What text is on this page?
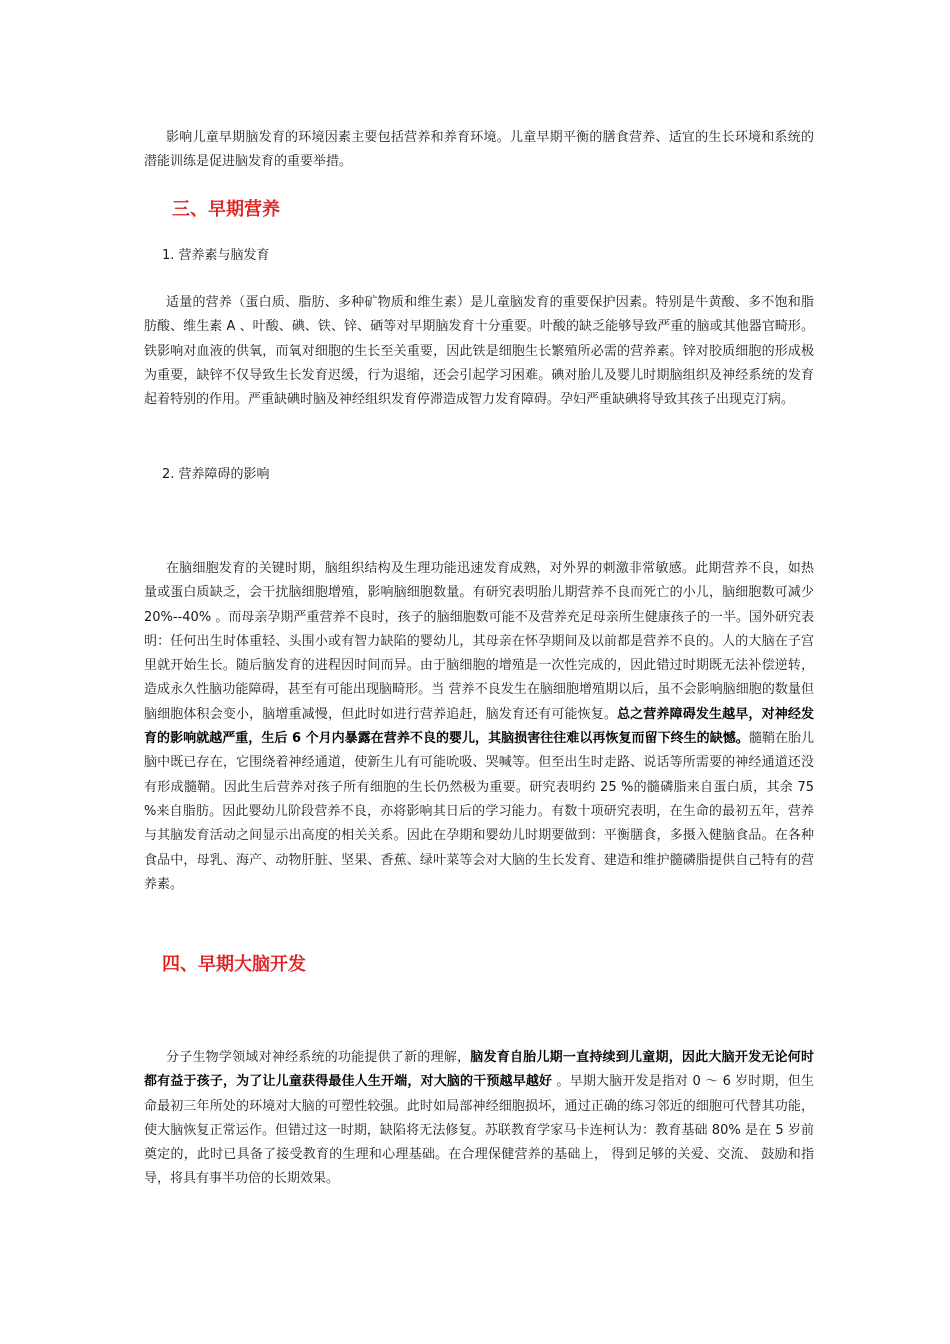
影响儿童早期脑发育的环境因素主要包括营养和养育环境。儿童早期平衡的膳食营养、适宜的生长环境和系统的潜能训练是促进脑发育的重要举措。

三、早期营养

1. 营养素与脑发育

适量的营养（蛋白质、脂肪、多种矿物质和维生素）是儿童脑发育的重要保护因素。特别是牛黄酸、多不饱和脂肪酸、维生素 A 、叶酸、碘、铁、锌、硒等对早期脑发育十分重要。叶酸的缺乏能够导致严重的脑或其他器官畸形。铁影响对血液的供氧，而氧对细胞的生长至关重要，因此铁是细胞生长繁殖所必需的营养素。锌对胶质细胞的形成极为重要，缺锌不仅导致生长发育迟缓，行为退缩，还会引起学习困难。碘对胎儿及婴儿时期脑组织及神经系统的发育起着特别的作用。严重缺碘时脑及神经组织发育停滞造成智力发育障碍。孕妇严重缺碘将导致其孩子出现克汀病。

2. 营养障碍的影响

在脑细胞发育的关键时期，脑组织结构及生理功能迅速发育成熟，对外界的刺激非常敏感。此期营养不良，如热量或蛋白质缺乏，会干扰脑细胞增殖，影响脑细胞数量。有研究表明胎儿期营养不良而死亡的小儿，脑细胞数可减少 20%--40% 。而母亲孕期严重营养不良时，孩子的脑细胞数可能不及营养充足母亲所生健康孩子的一半。国外研究表明：任何出生时体重轻、头围小或有智力缺陷的婴幼儿，其母亲在怀孕期间及以前都是营养不良的。人的大脑在子宫里就开始生长。随后脑发育的进程因时间而异。由于脑细胞的增殖是一次性完成的，因此错过时期既无法补偿逆转，造成永久性脑功能障碍，甚至有可能出现脑畸形。当 营养不良发生在脑细胞增殖期以后，虽不会影响脑细胞的数量但脑细胞体积会变小，脑增重减慢，但此时如进行营养追赶，脑发育还有可能恢复。总之营养障碍发生越早，对神经发育的影响就越严重，生后 6 个月内暴露在营养不良的婴儿，其脑损害往往难以再恢复而留下终生的缺憾。髓鞘在胎儿脑中既已存在，它围绕着神经通道，使新生儿有可能吮吸、哭喊等。但至出生时走路、说话等所需要的神经通道还没有形成髓鞘。因此生后营养对孩子所有细胞的生长仍然极为重要。研究表明约 25 %的髓磷脂来自蛋白质，其余 75 %来自脂肪。因此婴幼儿阶段营养不良，亦将影响其日后的学习能力。有数十项研究表明，在生命的最初五年，营养与其脑发育活动之间显示出高度的相关关系。因此在孕期和婴幼儿时期要做到：平衡膳食，多摄入健脑食品。在各种食品中，母乳、海产、动物肝脏、坚果、香蕉、绿叶菜等会对大脑的生长发育、建造和维护髓磷脂提供自己特有的营养素。

四、早期大脑开发

分子生物学领域对神经系统的功能提供了新的理解，脑发育自胎儿期一直持续到儿童期，因此大脑开发无论何时都有益于孩子，为了让儿童获得最佳人生开端，对大脑的干预越早越好 。早期大脑开发是指对 0 ～ 6 岁时期，但生命最初三年所处的环境对大脑的可塑性较强。此时如局部神经细胞损坏，通过正确的练习邻近的细胞可代替其功能，使大脑恢复正常运作。但错过这一时期，缺陷将无法修复。苏联教育学家马卡连柯认为：教育基础 80% 是在 5 岁前奠定的，此时已具备了接受教育的生理和心理基础。在合理保健营养的基础上， 得到足够的关爱、交流、 鼓励和指导，将具有事半功倍的长期效果。
